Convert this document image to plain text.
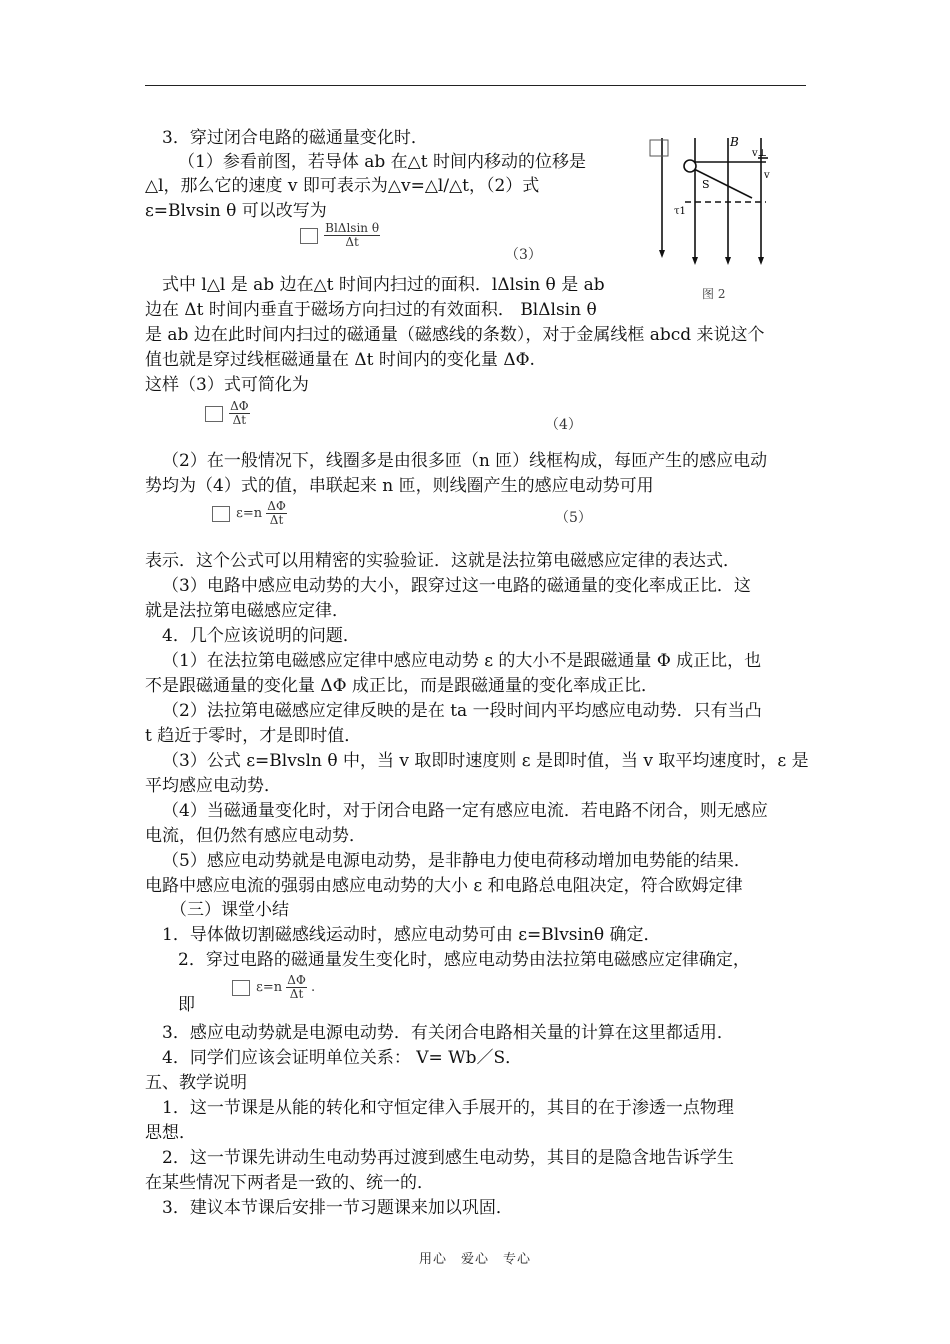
B
v⊥
v
S
τ1
图 2
3．穿过闭合电路的磁通量变化时．
（1）参看前图，若导体 ab 在△t 时间内移动的位移是
△l，那么它的速度 v 即可表示为△v=△l/△t，（2）式
ε=Blvsin θ 可以改写为

$\frac{\text{BlΔlsin θ}}{\Delta t}$
（3）
式中 l△l 是 ab 边在△t 时间内扫过的面积．lΔlsin θ 是 ab
边在 Δt 时间内垂直于磁场方向扫过的有效面积． BlΔlsin θ
是 ab 边在此时间内扫过的磁通量（磁感线的条数），对于金属线框 abcd 来说这个
值也就是穿过线框磁通量在 Δt 时间内的变化量 ΔΦ.
这样（3）式可简化为

$\frac{\Delta\Phi}{\Delta t}$	（4）
（2）在一般情况下，线圈多是由很多匝（n 匝）线框构成，每匝产生的感应电动
势均为（4）式的值，串联起来 n 匝，则线圈产生的感应电动势可用
$\varepsilon=n \frac{\Delta\Phi}{\Delta t}$	（5）
表示．这个公式可以用精密的实验验证．这就是法拉第电磁感应定律的表达式．
（3）电路中感应电动势的大小，跟穿过这一电路的磁通量的变化率成正比．这
就是法拉第电磁感应定律．
4．几个应该说明的问题．
（1）在法拉第电磁感应定律中感应电动势 ε 的大小不是跟磁通量 Φ 成正比，也
不是跟磁通量的变化量 ΔΦ 成正比，而是跟磁通量的变化率成正比．
（2）法拉第电磁感应定律反映的是在 ta 一段时间内平均感应电动势．只有当凸
t 趋近于零时，才是即时值．
（3）公式 ε=Blvsln θ 中，当 v 取即时速度则 ε 是即时值，当 v 取平均速度时，ε 是
平均感应电动势．
（4）当磁通量变化时，对于闭合电路一定有感应电流．若电路不闭合，则无感应
电流，但仍然有感应电动势．
（5）感应电动势就是电源电动势，是非静电力使电荷移动增加电势能的结果．
电路中感应电流的强弱由感应电动势的大小 ε 和电路总电阻决定，符合欧姆定律
（三）课堂小结
1．导体做切割磁感线运动时，感应电动势可由 ε=Blvsinθ 确定．
2．穿过电路的磁通量发生变化时，感应电动势由法拉第电磁感应定律确定，
即
$\varepsilon=n \frac{\Delta\Phi}{\Delta t}$ .
3．感应电动势就是电源电动势．有关闭合电路相关量的计算在这里都适用．
4．同学们应该会证明单位关系： V= Wb／S．
五、教学说明
1．这一节课是从能的转化和守恒定律入手展开的，其目的在于渗透一点物理
思想．
2．这一节课先讲动生电动势再过渡到感生电动势，其目的是隐含地告诉学生
在某些情况下两者是一致的、统一的．
3．建议本节课后安排一节习题课来加以巩固．
用心　爱心　专心
